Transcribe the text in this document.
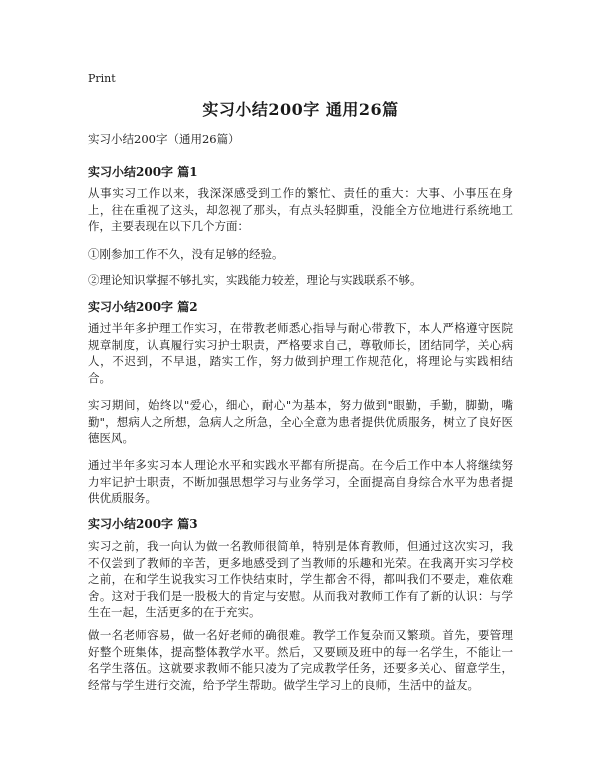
Print
实习小结200字 通用26篇
实习小结200字（通用26篇）
实习小结200字 篇1

从事实习工作以来，我深深感受到工作的繁忙、责任的重大：大事、小事压在身上，往在重视了这头，却忽视了那头，有点头轻脚重，没能全方位地进行系统地工作，主要表现在以下几个方面：

①刚参加工作不久，没有足够的经验。

②理论知识掌握不够扎实，实践能力较差，理论与实践联系不够。

实习小结200字 篇2

通过半年多护理工作实习，在带教老师悉心指导与耐心带教下，本人严格遵守医院规章制度，认真履行实习护士职责，严格要求自己，尊敬师长，团结同学，关心病人，不迟到，不早退，踏实工作，努力做到护理工作规范化，将理论与实践相结合。

实习期间，始终以"爱心，细心，耐心"为基本，努力做到"眼勤，手勤，脚勤，嘴勤"，想病人之所想，急病人之所急，全心全意为患者提供优质服务，树立了良好医德医风。

通过半年多实习本人理论水平和实践水平都有所提高。在今后工作中本人将继续努力牢记护士职责，不断加强思想学习与业务学习，全面提高自身综合水平为患者提供优质服务。

实习小结200字 篇3

实习之前，我一向认为做一名教师很简单，特别是体育教师，但通过这次实习，我不仅尝到了教师的辛苦，更多地感受到了当教师的乐趣和光荣。在我离开实习学校之前，在和学生说我实习工作快结束时，学生都舍不得，都叫我们不要走，难依难舍。这对于我们是一股极大的肯定与安慰。从而我对教师工作有了新的认识：与学生在一起，生活更多的在于充实。

做一名老师容易，做一名好老师的确很难。教学工作复杂而又繁琐。首先，要管理好整个班集体，提高整体教学水平。然后，又要顾及班中的每一名学生，不能让一名学生落伍。这就要求教师不能只凌为了完成教学任务，还要多关心、留意学生，经常与学生进行交流，给予学生帮助。做学生学习上的良师，生活中的益友。
